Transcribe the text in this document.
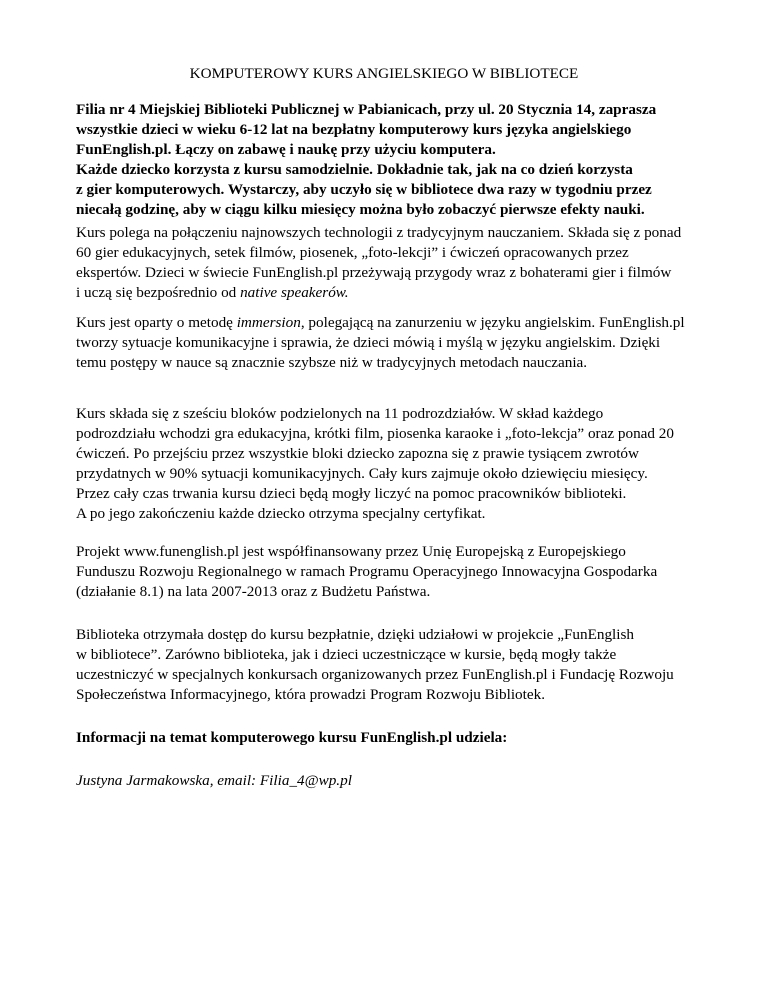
KOMPUTEROWY KURS ANGIELSKIEGO W BIBLIOTECE
Filia nr 4 Miejskiej Biblioteki Publicznej w Pabianicach, przy ul. 20 Stycznia 14, zaprasza
wszystkie dzieci w wieku 6-12 lat na bezpłatny komputerowy kurs języka angielskiego
FunEnglish.pl. Łączy on zabawę i naukę przy użyciu komputera.
Każde dziecko korzysta z kursu samodzielnie. Dokładnie tak, jak na co dzień korzysta
z gier komputerowych. Wystarczy, aby uczyło się w bibliotece dwa razy w tygodniu przez
niecałą godzinę, aby w ciągu kilku miesięcy można było zobaczyć pierwsze efekty nauki.
Kurs polega na połączeniu najnowszych technologii z tradycyjnym nauczaniem. Składa się z ponad
60 gier edukacyjnych, setek filmów, piosenek, „foto-lekcji” i ćwiczeń opracowanych przez
ekspertów. Dzieci w świecie FunEnglish.pl przeżywają przygody wraz z bohaterami gier i filmów
i uczą się bezpośrednio od native speakerów.
Kurs jest oparty o metodę immersion, polegającą na zanurzeniu w języku angielskim. FunEnglish.pl
tworzy sytuacje komunikacyjne i sprawia, że dzieci mówią i myślą w języku angielskim. Dzięki
temu postępy w nauce są znacznie szybsze niż w tradycyjnych metodach nauczania.
Kurs składa się z sześciu bloków podzielonych na 11 podrozdziałów. W skład każdego
podrozdziału wchodzi gra edukacyjna, krótki film, piosenka karaoke i „foto-lekcja” oraz ponad 20
ćwiczeń. Po przejściu przez wszystkie bloki dziecko zapozna się z prawie tysiącem zwrotów
przydatnych w 90% sytuacji komunikacyjnych. Cały kurs zajmuje około dziewięciu miesięcy.
Przez cały czas trwania kursu dzieci będą mogły liczyć na pomoc pracowników biblioteki.
A po jego zakończeniu każde dziecko otrzyma specjalny certyfikat.
Projekt www.funenglish.pl jest współfinansowany przez Unię Europejską z Europejskiego
Funduszu Rozwoju Regionalnego w ramach Programu Operacyjnego Innowacyjna Gospodarka
(działanie 8.1) na lata 2007-2013 oraz z Budżetu Państwa.
Biblioteka otrzymała dostęp do kursu bezpłatnie, dzięki udziałowi w projekcie „FunEnglish
w bibliotece”. Zarówno biblioteka, jak i dzieci uczestniczące w kursie, będą mogły także
uczestniczyć w specjalnych konkursach organizowanych przez FunEnglish.pl i Fundację Rozwoju
Społeczeństwa Informacyjnego, która prowadzi Program Rozwoju Bibliotek.
Informacji na temat komputerowego kursu FunEnglish.pl udziela:
Justyna Jarmakowska, email: Filia_4@wp.pl
